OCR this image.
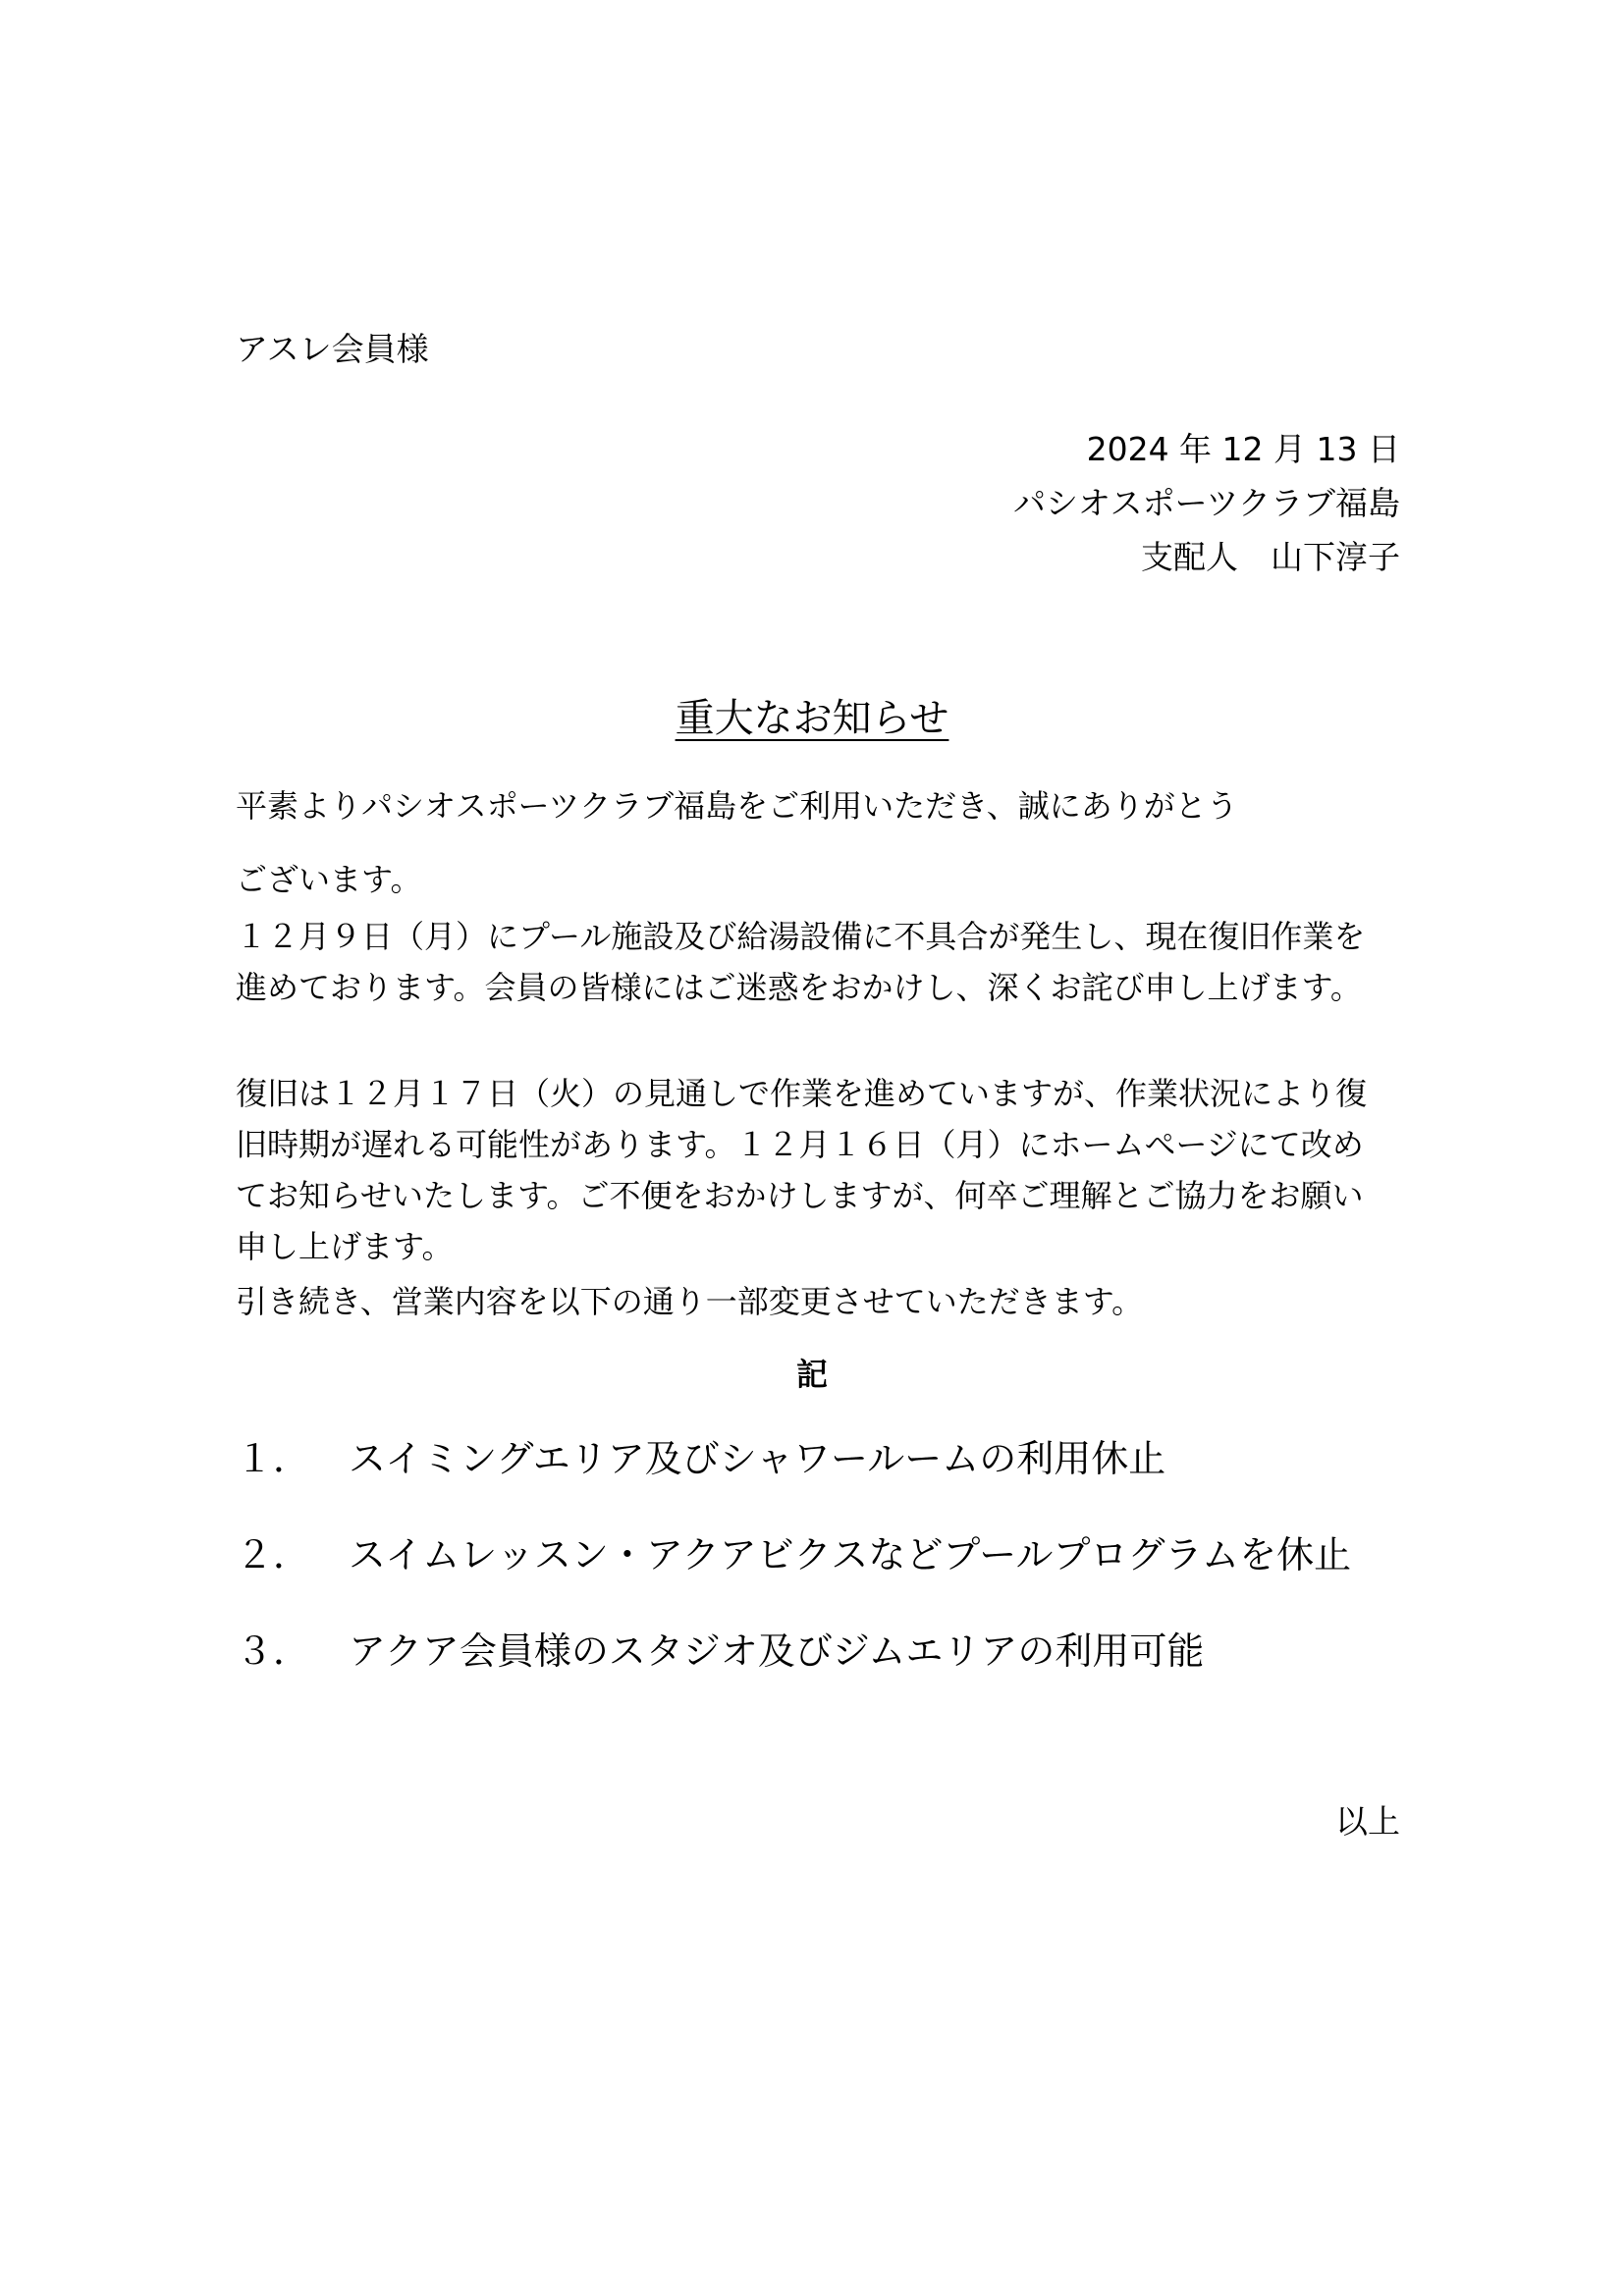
アスレ会員様
2024 年 12 月 13 日
パシオスポーツクラブ福島
支配人　山下淳子
重大なお知らせ
平素よりパシオスポーツクラブ福島をご利用いただき、誠にありがとう
ございます。
１２月９日（月）にプール施設及び給湯設備に不具合が発生し、現在復旧作業を
進めております。会員の皆様にはご迷惑をおかけし、深くお詫び申し上げます。
復旧は１２月１７日（火）の見通しで作業を進めていますが、作業状況により復
旧時期が遅れる可能性があります。１２月１６日（月）にホームページにて改め
てお知らせいたします。ご不便をおかけしますが、何卒ご理解とご協力をお願い
申し上げます。
引き続き、営業内容を以下の通り一部変更させていただきます。
記
１．	スイミングエリア及びシャワールームの利用休止
２．	スイムレッスン・アクアビクスなどプールプログラムを休止
３．	アクア会員様のスタジオ及びジムエリアの利用可能
以上
